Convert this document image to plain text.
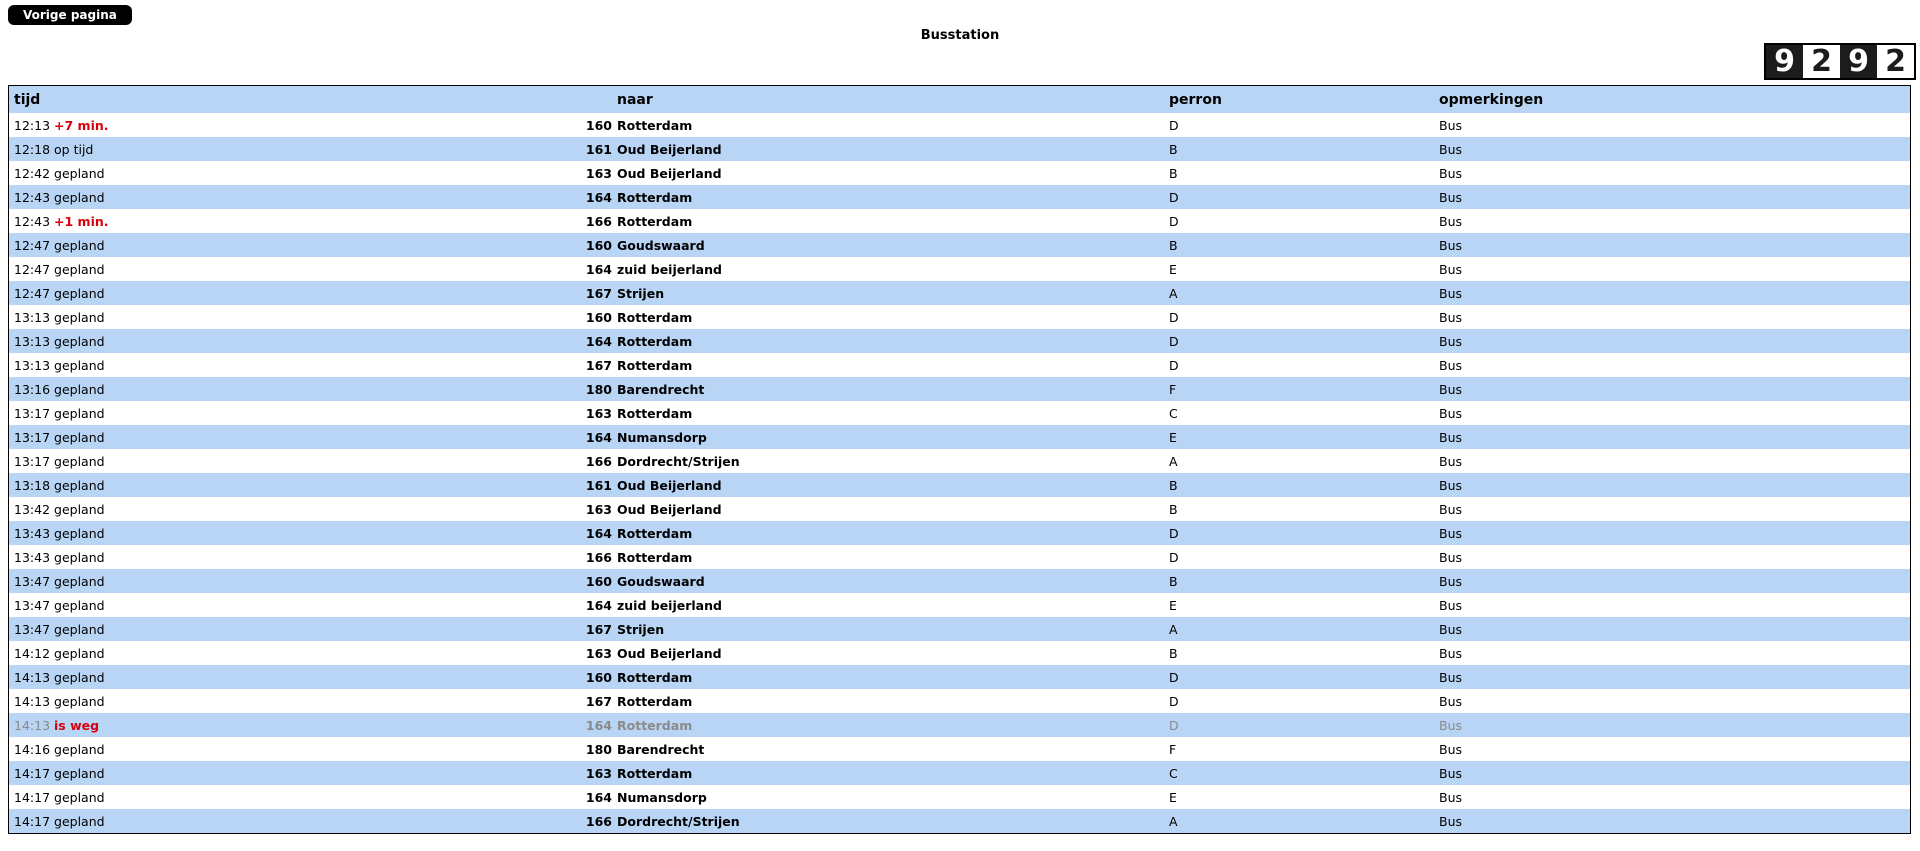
Vorige pagina
Busstation
9 2 9 2
tijd		naar	perron	opmerkingen
12:13 +7 min.	160	Rotterdam	D	Bus
12:18 op tijd	161	Oud Beijerland	B	Bus
12:42 gepland	163	Oud Beijerland	B	Bus
12:43 gepland	164	Rotterdam	D	Bus
12:43 +1 min.	166	Rotterdam	D	Bus
12:47 gepland	160	Goudswaard	B	Bus
12:47 gepland	164	zuid beijerland	E	Bus
12:47 gepland	167	Strijen	A	Bus
13:13 gepland	160	Rotterdam	D	Bus
13:13 gepland	164	Rotterdam	D	Bus
13:13 gepland	167	Rotterdam	D	Bus
13:16 gepland	180	Barendrecht	F	Bus
13:17 gepland	163	Rotterdam	C	Bus
13:17 gepland	164	Numansdorp	E	Bus
13:17 gepland	166	Dordrecht/Strijen	A	Bus
13:18 gepland	161	Oud Beijerland	B	Bus
13:42 gepland	163	Oud Beijerland	B	Bus
13:43 gepland	164	Rotterdam	D	Bus
13:43 gepland	166	Rotterdam	D	Bus
13:47 gepland	160	Goudswaard	B	Bus
13:47 gepland	164	zuid beijerland	E	Bus
13:47 gepland	167	Strijen	A	Bus
14:12 gepland	163	Oud Beijerland	B	Bus
14:13 gepland	160	Rotterdam	D	Bus
14:13 gepland	167	Rotterdam	D	Bus
14:13 is weg	164	Rotterdam	D	Bus
14:16 gepland	180	Barendrecht	F	Bus
14:17 gepland	163	Rotterdam	C	Bus
14:17 gepland	164	Numansdorp	E	Bus
14:17 gepland	166	Dordrecht/Strijen	A	Bus
